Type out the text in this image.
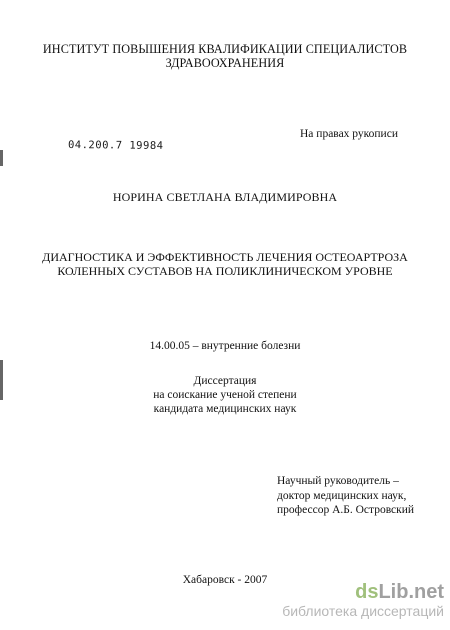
ИНСТИТУТ ПОВЫШЕНИЯ КВАЛИФИКАЦИИ СПЕЦИАЛИСТОВ
ЗДРАВООХРАНЕНИЯ
На правах рукописи
04.200.7 19984
НОРИНА СВЕТЛАНА ВЛАДИМИРОВНА
ДИАГНОСТИКА И ЭФФЕКТИВНОСТЬ ЛЕЧЕНИЯ ОСТЕОАРТРОЗА
КОЛЕННЫХ СУСТАВОВ НА ПОЛИКЛИНИЧЕСКОМ УРОВНЕ
14.00.05 – внутренние болезни
Диссертация
на соискание ученой степени
кандидата медицинских наук
Научный руководитель –
доктор медицинских наук,
профессор А.Б. Островский
Хабаровск - 2007
dsLib.net
библиотека диссертаций
